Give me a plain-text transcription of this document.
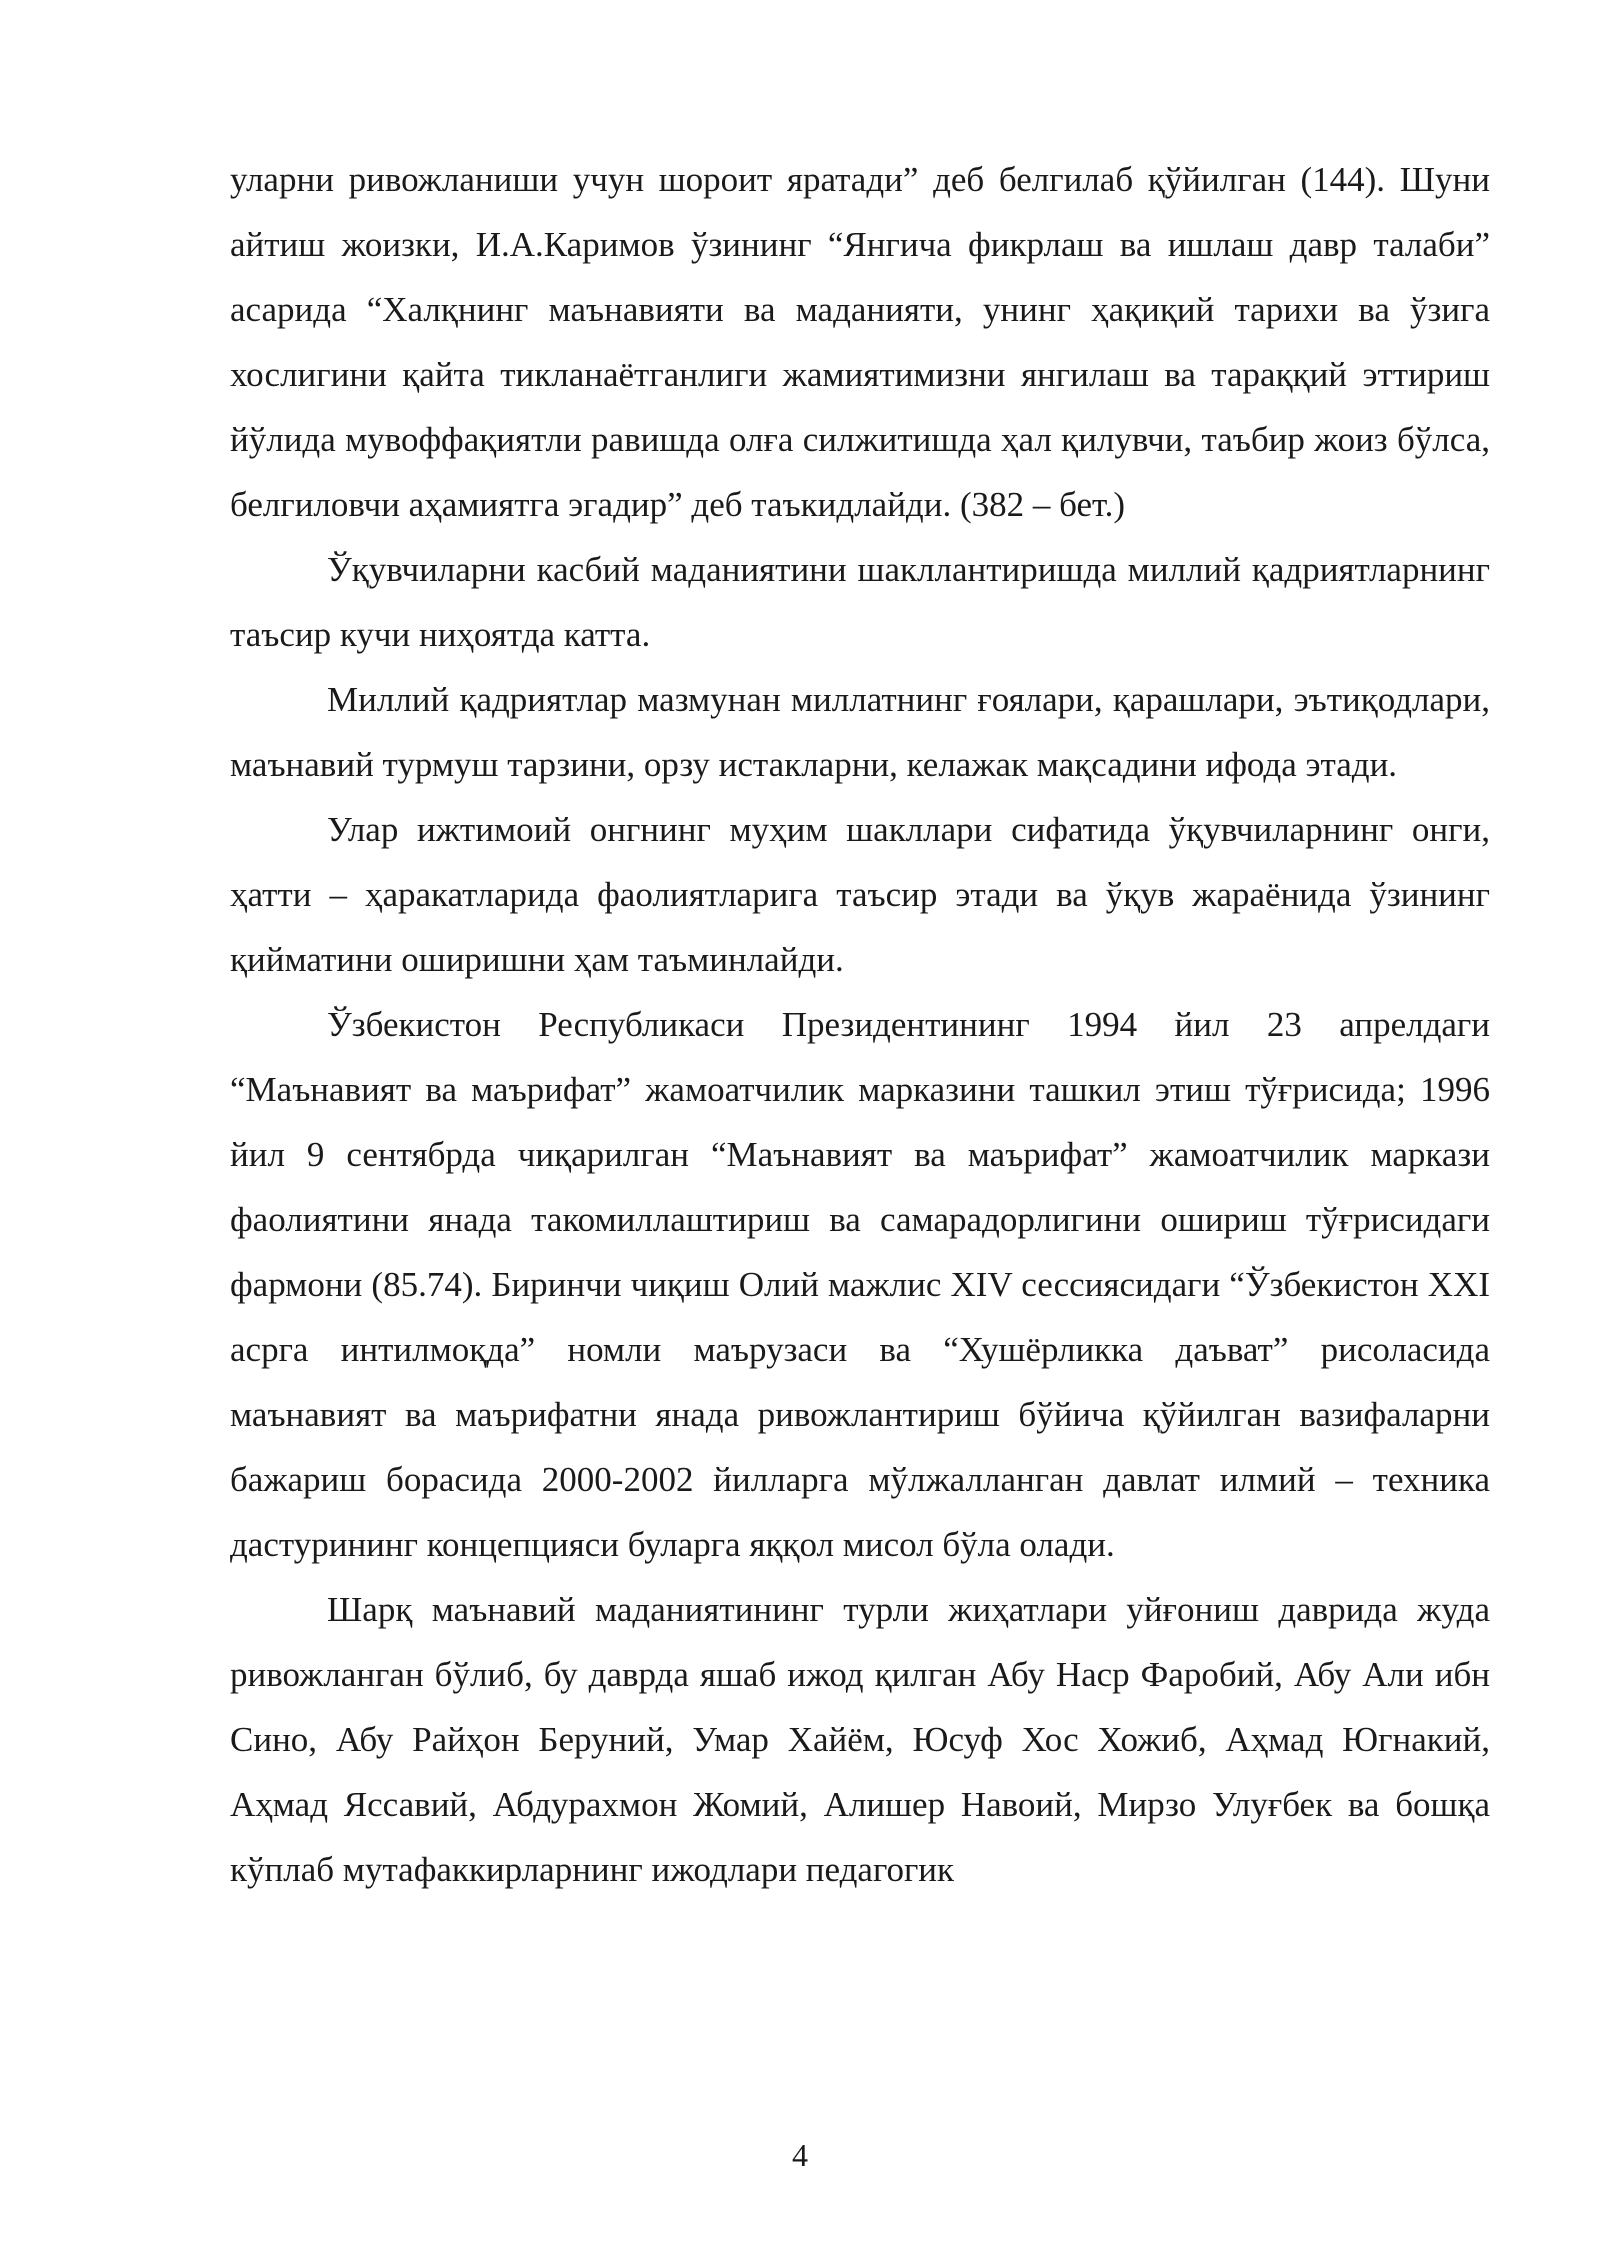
уларни ривожланиши учун шороит яратади” деб белгилаб қўйилган (144). Шуни айтиш жоизки, И.А.Каримов ўзининг “Янгича фикрлаш ва ишлаш давр талаби” асарида “Халқнинг маънавияти ва маданияти, унинг ҳақиқий тарихи ва ўзига хослигини қайта тикланаётганлиги жамиятимизни янгилаш ва тараққий эттириш йўлида мувоффақиятли равишда олға силжитишда ҳал қилувчи, таъбир жоиз бўлса, белгиловчи аҳамиятга эгадир” деб таъкидлайди. (382 – бет.)

Ўқувчиларни касбий маданиятини шакллантиришда миллий қадриятларнинг таъсир кучи ниҳоятда катта.

Миллий қадриятлар мазмунан миллатнинг ғоялари, қарашлари, эътиқодлари, маънавий турмуш тарзини, орзу истакларни, келажак мақсадини ифода этади.

Улар ижтимоий онгнинг муҳим шакллари сифатида ўқувчиларнинг онги, ҳатти – ҳаракатларида фаолиятларига таъсир этади ва ўқув жараёнида ўзининг қийматини оширишни ҳам таъминлайди.

Ўзбекистон Республикаси Президентининг 1994 йил 23 апрелдаги “Маънавият ва маърифат” жамоатчилик марказини ташкил этиш тўғрисида; 1996 йил 9 сентябрда чиқарилган “Маънавият ва маърифат” жамоатчилик маркази фаолиятини янада такомиллаштириш ва самарадорлигини ошириш тўғрисидаги фармони (85.74). Биринчи чиқиш Олий мажлис XIV сессиясидаги “Ўзбекистон XXI асрга интилмоқда” номли маърузаси ва “Хушёрликка даъват” рисоласида маънавият ва маърифатни янада ривожлантириш бўйича қўйилган вазифаларни бажариш борасида 2000-2002 йилларга мўлжалланган давлат илмий – техника дастурининг концепцияси буларга яққол мисол бўла олади.

Шарқ маънавий маданиятининг турли жиҳатлари уйғониш даврида жуда ривожланган бўлиб, бу даврда яшаб ижод қилган Абу Наср Фаробий, Абу Али ибн Сино, Абу Райҳон Беруний, Умар Хайём, Юсуф Хос Хожиб, Аҳмад Югнакий, Аҳмад Яссавий, Абдурахмон Жомий, Алишер Навоий, Мирзо Улуғбек ва бошқа кўплаб мутафаккирларнинг ижодлари педагогик

4
